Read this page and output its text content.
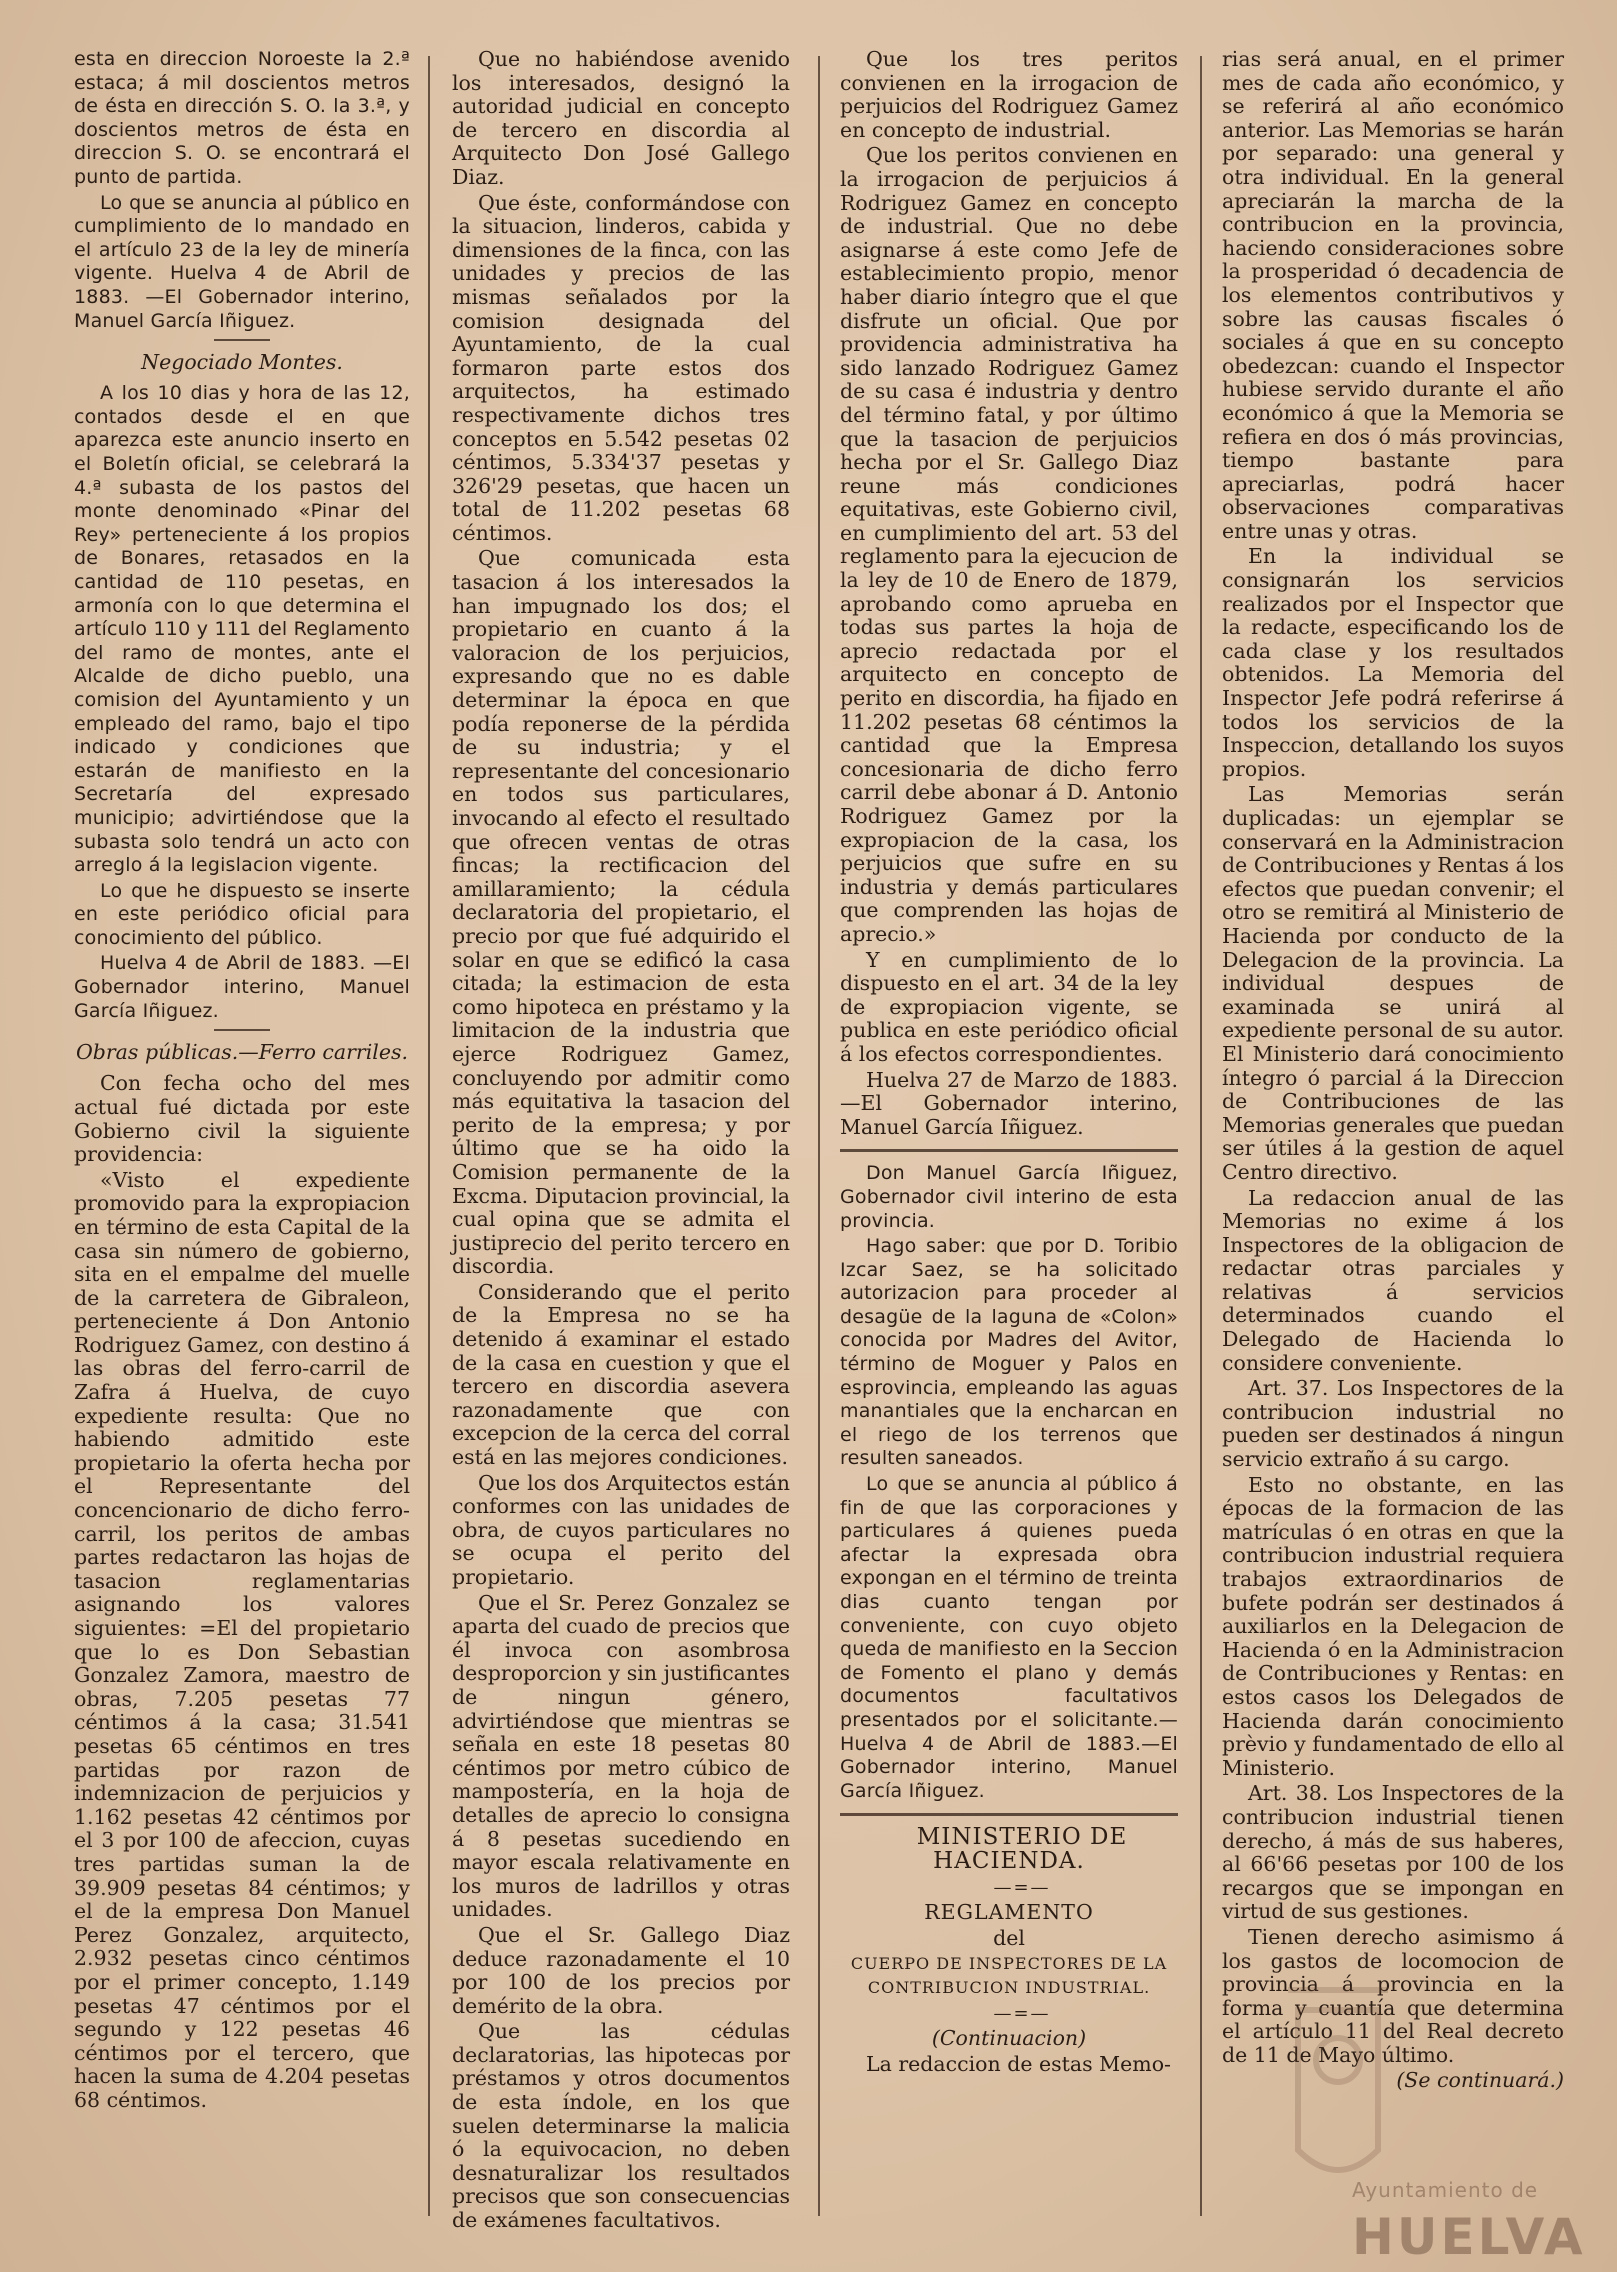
esta en direccion Noroeste la 2.ª estaca; á mil doscientos metros de ésta en dirección S. O. la 3.ª, y doscientos metros de ésta en direccion S. O. se encontrará el punto de partida.

Lo que se anuncia al público en cumplimiento de lo mandado en el artículo 23 de la ley de minería vigente. Huelva 4 de Abril de 1883. —El Gobernador interino, Manuel García Iñiguez.

Negociado Montes.

A los 10 dias y hora de las 12, contados desde el en que aparezca este anuncio inserto en el Boletín oficial, se celebrará la 4.ª subasta de los pastos del monte denominado «Pinar del Rey» perteneciente á los propios de Bonares, retasados en la cantidad de 110 pesetas, en armonía con lo que determina el artículo 110 y 111 del Reglamento del ramo de montes, ante el Alcalde de dicho pueblo, una comision del Ayuntamiento y un empleado del ramo, bajo el tipo indicado y condiciones que estarán de manifiesto en la Secretaría del expresado municipio; advirtiéndose que la subasta solo tendrá un acto con arreglo á la legislacion vigente.

Lo que he dispuesto se inserte en este periódico oficial para conocimiento del público.

Huelva 4 de Abril de 1883. —El Gobernador interino, Manuel García Iñiguez.

Obras públicas.—Ferro carriles.

Con fecha ocho del mes actual fué dictada por este Gobierno civil la siguiente providencia:

«Visto el expediente promovido para la expropiacion en término de esta Capital de la casa sin número de gobierno, sita en el empalme del muelle de la carretera de Gibraleon, perteneciente á Don Antonio Rodriguez Gamez, con destino á las obras del ferro-carril de Zafra á Huelva, de cuyo expediente resulta: Que no habiendo admitido este propietario la oferta hecha por el Representante del concencionario de dicho ferro-carril, los peritos de ambas partes redactaron las hojas de tasacion reglamentarias asignando los valores siguientes: =El del propietario que lo es Don Sebastian Gonzalez Zamora, maestro de obras, 7.205 pesetas 77 céntimos á la casa; 31.541 pesetas 65 céntimos en tres partidas por razon de indemnizacion de perjuicios y 1.162 pesetas 42 céntimos por el 3 por 100 de afeccion, cuyas tres partidas suman la de 39.909 pesetas 84 céntimos; y el de la empresa Don Manuel Perez Gonzalez, arquitecto, 2.932 pesetas cinco céntimos por el primer concepto, 1.149 pesetas 47 céntimos por el segundo y 122 pesetas 46 céntimos por el tercero, que hacen la suma de 4.204 pesetas 68 céntimos.

Que no habiéndose avenido los interesados, designó la autoridad judicial en concepto de tercero en discordia al Arquitecto Don José Gallego Diaz.

Que éste, conformándose con la situacion, linderos, cabida y dimensiones de la finca, con las unidades y precios de las mismas señalados por la comision designada del Ayuntamiento, de la cual formaron parte estos dos arquitectos, ha estimado respectivamente dichos tres conceptos en 5.542 pesetas 02 céntimos, 5.334'37 pesetas y 326'29 pesetas, que hacen un total de 11.202 pesetas 68 céntimos.

Que comunicada esta tasacion á los interesados la han impugnado los dos; el propietario en cuanto á la valoracion de los perjuicios, expresando que no es dable determinar la época en que podía reponerse de la pérdida de su industria; y el representante del concesionario en todos sus particulares, invocando al efecto el resultado que ofrecen ventas de otras fincas; la rectificacion del amillaramiento; la cédula declaratoria del propietario, el precio por que fué adquirido el solar en que se edificó la casa citada; la estimacion de esta como hipoteca en préstamo y la limitacion de la industria que ejerce Rodriguez Gamez, concluyendo por admitir como más equitativa la tasacion del perito de la empresa; y por último que se ha oido la Comision permanente de la Excma. Diputacion provincial, la cual opina que se admita el justiprecio del perito tercero en discordia.

Considerando que el perito de la Empresa no se ha detenido á examinar el estado de la casa en cuestion y que el tercero en discordia asevera razonadamente que con excepcion de la cerca del corral está en las mejores condiciones.

Que los dos Arquitectos están conformes con las unidades de obra, de cuyos particulares no se ocupa el perito del propietario.

Que el Sr. Perez Gonzalez se aparta del cuado de precios que él invoca con asombrosa desproporcion y sin justificantes de ningun género, advirtiéndose que mientras se señala en este 18 pesetas 80 céntimos por metro cúbico de mampostería, en la hoja de detalles de aprecio lo consigna á 8 pesetas sucediendo en mayor escala relativamente en los muros de ladrillos y otras unidades.

Que el Sr. Gallego Diaz deduce razonadamente el 10 por 100 de los precios por demérito de la obra.

Que las cédulas declaratorias, las hipotecas por préstamos y otros documentos de esta índole, en los que suelen determinarse la malicia ó la equivocacion, no deben desnaturalizar los resultados precisos que son consecuencias de exámenes facultativos.

Que los tres peritos convienen en la irrogacion de perjuicios del Rodriguez Gamez en concepto de industrial.

Que los peritos convienen en la irrogacion de perjuicios á Rodriguez Gamez en concepto de industrial. Que no debe asignarse á este como Jefe de establecimiento propio, menor haber diario íntegro que el que disfrute un oficial. Que por providencia administrativa ha sido lanzado Rodriguez Gamez de su casa é industria y dentro del término fatal, y por último que la tasacion de perjuicios hecha por el Sr. Gallego Diaz reune más condiciones equitativas, este Gobierno civil, en cumplimiento del art. 53 del reglamento para la ejecucion de la ley de 10 de Enero de 1879, aprobando como aprueba en todas sus partes la hoja de aprecio redactada por el arquitecto en concepto de perito en discordia, ha fijado en 11.202 pesetas 68 céntimos la cantidad que la Empresa concesionaria de dicho ferro carril debe abonar á D. Antonio Rodriguez Gamez por la expropiacion de la casa, los perjuicios que sufre en su industria y demás particulares que comprenden las hojas de aprecio.»

Y en cumplimiento de lo dispuesto en el art. 34 de la ley de expropiacion vigente, se publica en este periódico oficial á los efectos correspondientes.

Huelva 27 de Marzo de 1883. —El Gobernador interino, Manuel García Iñiguez.

Don Manuel García Iñiguez, Gobernador civil interino de esta provincia.

Hago saber: que por D. Toribio Izcar Saez, se ha solicitado autorizacion para proceder al desagüe de la laguna de «Colon» conocida por Madres del Avitor, término de Moguer y Palos en esprovincia, empleando las aguas manantiales que la encharcan en el riego de los terrenos que resulten saneados.

Lo que se anuncia al público á fin de que las corporaciones y particulares á quienes pueda afectar la expresada obra expongan en el término de treinta dias cuanto tengan por conveniente, con cuyo objeto queda de manifiesto en la Seccion de Fomento el plano y demás documentos facultativos presentados por el solicitante.—Huelva 4 de Abril de 1883.—El Gobernador interino, Manuel García Iñiguez.

MINISTERIO DE HACIENDA.

—=—

REGLAMENTO

del

CUERPO DE INSPECTORES DE LA CONTRIBUCION INDUSTRIAL.

—=—

(Continuacion)

La redaccion de estas Memo-

rias será anual, en el primer mes de cada año económico, y se referirá al año económico anterior. Las Memorias se harán por separado: una general y otra individual. En la general apreciarán la marcha de la contribucion en la provincia, haciendo consideraciones sobre la prosperidad ó decadencia de los elementos contributivos y sobre las causas fiscales ó sociales á que en su concepto obedezcan: cuando el Inspector hubiese servido durante el año económico á que la Memoria se refiera en dos ó más provincias, tiempo bastante para apreciarlas, podrá hacer observaciones comparativas entre unas y otras.

En la individual se consignarán los servicios realizados por el Inspector que la redacte, especificando los de cada clase y los resultados obtenidos. La Memoria del Inspector Jefe podrá referirse á todos los servicios de la Inspeccion, detallando los suyos propios.

Las Memorias serán duplicadas: un ejemplar se conservará en la Administracion de Contribuciones y Rentas á los efectos que puedan convenir; el otro se remitirá al Ministerio de Hacienda por conducto de la Delegacion de la provincia. La individual despues de examinada se unirá al expediente personal de su autor. El Ministerio dará conocimiento íntegro ó parcial á la Direccion de Contribuciones de las Memorias generales que puedan ser útiles á la gestion de aquel Centro directivo.

La redaccion anual de las Memorias no exime á los Inspectores de la obligacion de redactar otras parciales y relativas á servicios determinados cuando el Delegado de Hacienda lo considere conveniente.

Art. 37. Los Inspectores de la contribucion industrial no pueden ser destinados á ningun servicio extraño á su cargo.

Esto no obstante, en las épocas de la formacion de las matrículas ó en otras en que la contribucion industrial requiera trabajos extraordinarios de bufete podrán ser destinados á auxiliarlos en la Delegacion de Hacienda ó en la Administracion de Contribuciones y Rentas: en estos casos los Delegados de Hacienda darán conocimiento prèvio y fundamentado de ello al Ministerio.

Art. 38. Los Inspectores de la contribucion industrial tienen derecho, á más de sus haberes, al 66'66 pesetas por 100 de los recargos que se impongan en virtud de sus gestiones.

Tienen derecho asimismo á los gastos de locomocion de provincia á provincia en la forma y cuantía que determina el artículo 11 del Real decreto de 11 de Mayo último.

(Se continuará.)

Ayuntamiento de
HUELVA
